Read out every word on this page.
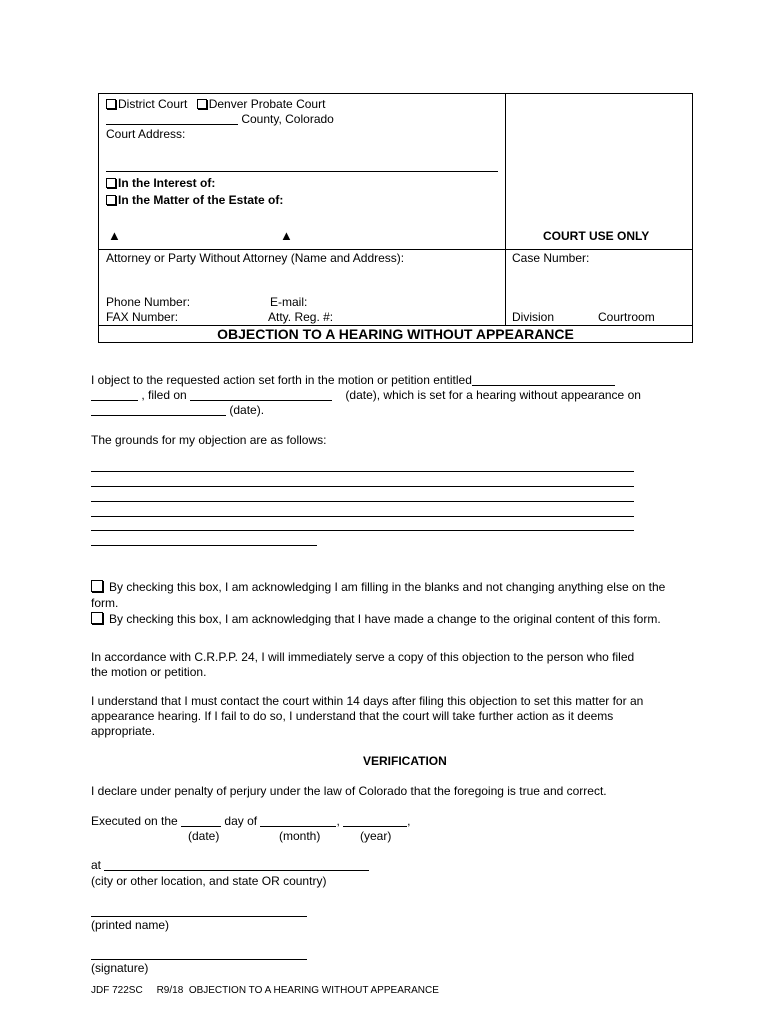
District Court Denver Probate Court
County, Colorado
Court Address:
In the Interest of:
In the Matter of the Estate of:
▲	▲	COURT USE ONLY
Attorney or Party Without Attorney (Name and Address):	Case Number:
Phone Number:	E-mail:
FAX Number:	Atty. Reg. #:	Division	Courtroom
OBJECTION TO A HEARING WITHOUT APPEARANCE
I object to the requested action set forth in the motion or petition entitled
, filed on	(date), which is set for a hearing without appearance on
(date).
The grounds for my objection are as follows:
By checking this box, I am acknowledging I am filling in the blanks and not changing anything else on the
form.
By checking this box, I am acknowledging that I have made a change to the original content of this form.
In accordance with C.R.P.P. 24, I will immediately serve a copy of this objection to the person who filed
the motion or petition.
I understand that I must contact the court within 14 days after filing this objection to set this matter for an
appearance hearing. If I fail to do so, I understand that the court will take further action as it deems
appropriate.
VERIFICATION
I declare under penalty of perjury under the law of Colorado that the foregoing is true and correct.
Executed on the	day of	,	,
(date)	(month)	(year)
at
(city or other location, and state OR country)
(printed name)
(signature)
JDF 722SC     R9/18  OBJECTION TO A HEARING WITHOUT APPEARANCE
